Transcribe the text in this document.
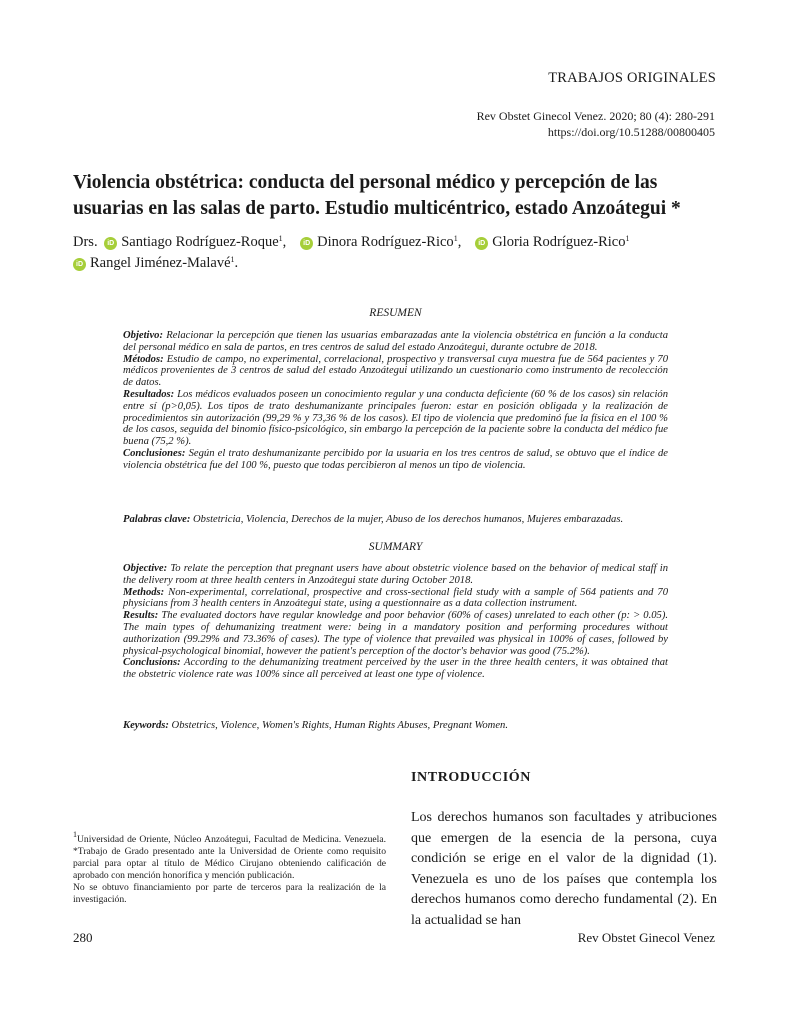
TRABAJOS ORIGINALES
Rev Obstet Ginecol Venez. 2020; 80 (4): 280-291
https://doi.org/10.51288/00800405
Violencia obstétrica: conducta del personal médico y percepción de las usuarias en las salas de parto. Estudio multicéntrico, estado Anzoátegui *
Drs. iD Santiago Rodríguez-Roque$^1$, iD Dinora Rodríguez-Rico$^1$, iD Gloria Rodríguez-Rico$^1$
iD Rangel Jiménez-Malavé$^1$.
RESUMEN

Objetivo: Relacionar la percepción que tienen las usuarias embarazadas ante la violencia obstétrica en función a la conducta del personal médico en sala de partos, en tres centros de salud del estado Anzoátegui, durante octubre de 2018.

Métodos: Estudio de campo, no experimental, correlacional, prospectivo y transversal cuya muestra fue de 564 pacientes y 70 médicos provenientes de 3 centros de salud del estado Anzoátegui utilizando un cuestionario como instrumento de recolección de datos.

Resultados: Los médicos evaluados poseen un conocimiento regular y una conducta deficiente (60 % de los casos) sin relación entre sí (p>0,05). Los tipos de trato deshumanizante principales fueron: estar en posición obligada y la realización de procedimientos sin autorización (99,29 % y 73,36 % de los casos). El tipo de violencia que predominó fue la física en el 100 % de los casos, seguida del binomio físico-psicológico, sin embargo la percepción de la paciente sobre la conducta del médico fue buena (75,2 %).

Conclusiones: Según el trato deshumanizante percibido por la usuaria en los tres centros de salud, se obtuvo que el índice de violencia obstétrica fue del 100 %, puesto que todas percibieron al menos un tipo de violencia.

Palabras clave: Obstetricia, Violencia, Derechos de la mujer, Abuso de los derechos humanos, Mujeres embarazadas.
SUMMARY

Objective: To relate the perception that pregnant users have about obstetric violence based on the behavior of medical staff in the delivery room at three health centers in Anzoátegui state during October 2018.

Methods: Non-experimental, correlational, prospective and cross-sectional field study with a sample of 564 patients and 70 physicians from 3 health centers in Anzoátegui state, using a questionnaire as a data collection instrument.

Results: The evaluated doctors have regular knowledge and poor behavior (60% of cases) unrelated to each other (p: > 0.05). The main types of dehumanizing treatment were: being in a mandatory position and performing procedures without authorization (99.29% and 73.36% of cases). The type of violence that prevailed was physical in 100% of cases, followed by physical-psychological binomial, however the patient's perception of the doctor's behavior was good (75.2%).

Conclusions: According to the dehumanizing treatment perceived by the user in the three health centers, it was obtained that the obstetric violence rate was 100% since all perceived at least one type of violence.

Keywords: Obstetrics, Violence, Women's Rights, Human Rights Abuses, Pregnant Women.
INTRODUCCIÓN

Los derechos humanos son facultades y atribuciones que emergen de la esencia de la persona, cuya condición se erige en el valor de la dignidad (1). Venezuela es uno de los países que contempla los derechos humanos como derecho fundamental (2). En la actualidad se han

$^1$Universidad de Oriente, Núcleo Anzoátegui, Facultad de Medicina. Venezuela. *Trabajo de Grado presentado ante la Universidad de Oriente como requisito parcial para optar al título de Médico Cirujano obteniendo calificación de aprobado con mención honorífica y mención publicación.

No se obtuvo financiamiento por parte de terceros para la realización de la investigación.

280	Rev Obstet Ginecol Venez
